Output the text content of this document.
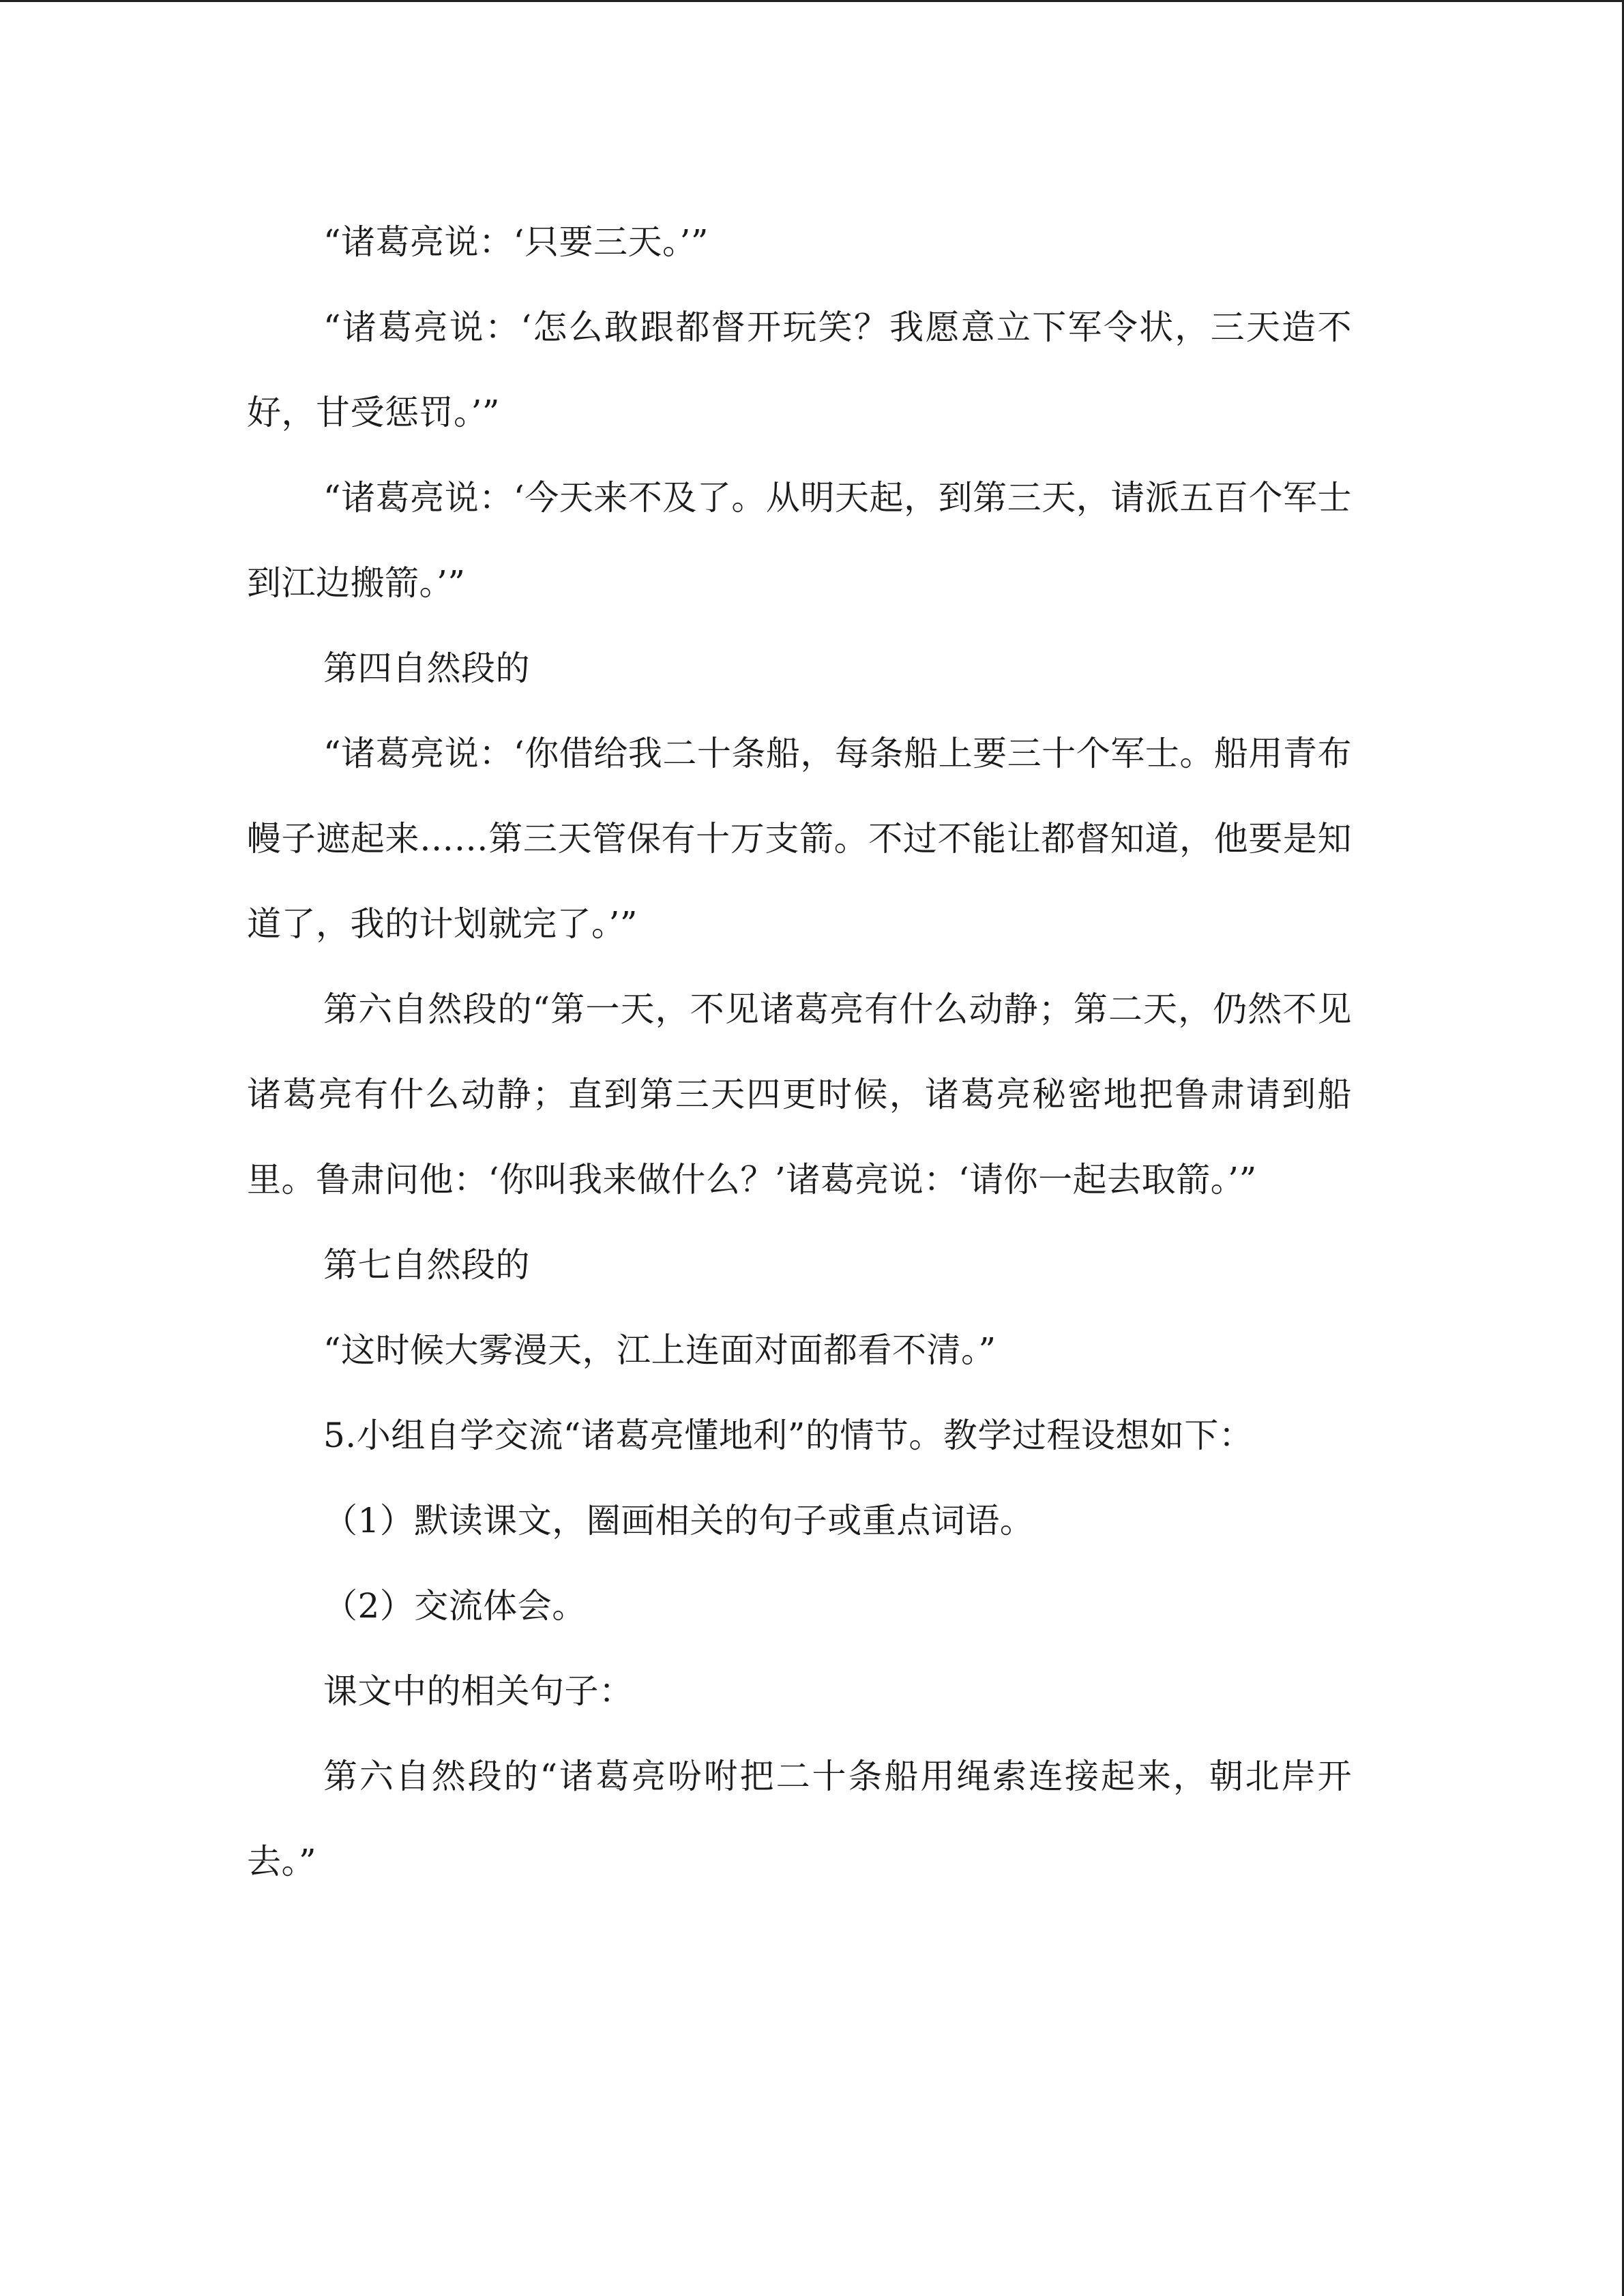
“诸葛亮说：‘只要三天。’”

“诸葛亮说：‘怎么敢跟都督开玩笑？我愿意立下军令状，三天造不好，甘受惩罚。’”

“诸葛亮说：‘今天来不及了。从明天起，到第三天，请派五百个军士到江边搬箭。’”

第四自然段的

“诸葛亮说：‘你借给我二十条船，每条船上要三十个军士。船用青布幔子遮起来……第三天管保有十万支箭。不过不能让都督知道，他要是知道了，我的计划就完了。’”

第六自然段的“第一天，不见诸葛亮有什么动静；第二天，仍然不见诸葛亮有什么动静；直到第三天四更时候，诸葛亮秘密地把鲁肃请到船里。鲁肃问他：‘你叫我来做什么？’诸葛亮说：‘请你一起去取箭。’”

第七自然段的

“这时候大雾漫天，江上连面对面都看不清。”

5.小组自学交流“诸葛亮懂地利”的情节。教学过程设想如下：

（1）默读课文，圈画相关的句子或重点词语。

（2）交流体会。

课文中的相关句子：

第六自然段的“诸葛亮吩咐把二十条船用绳索连接起来，朝北岸开去。”
